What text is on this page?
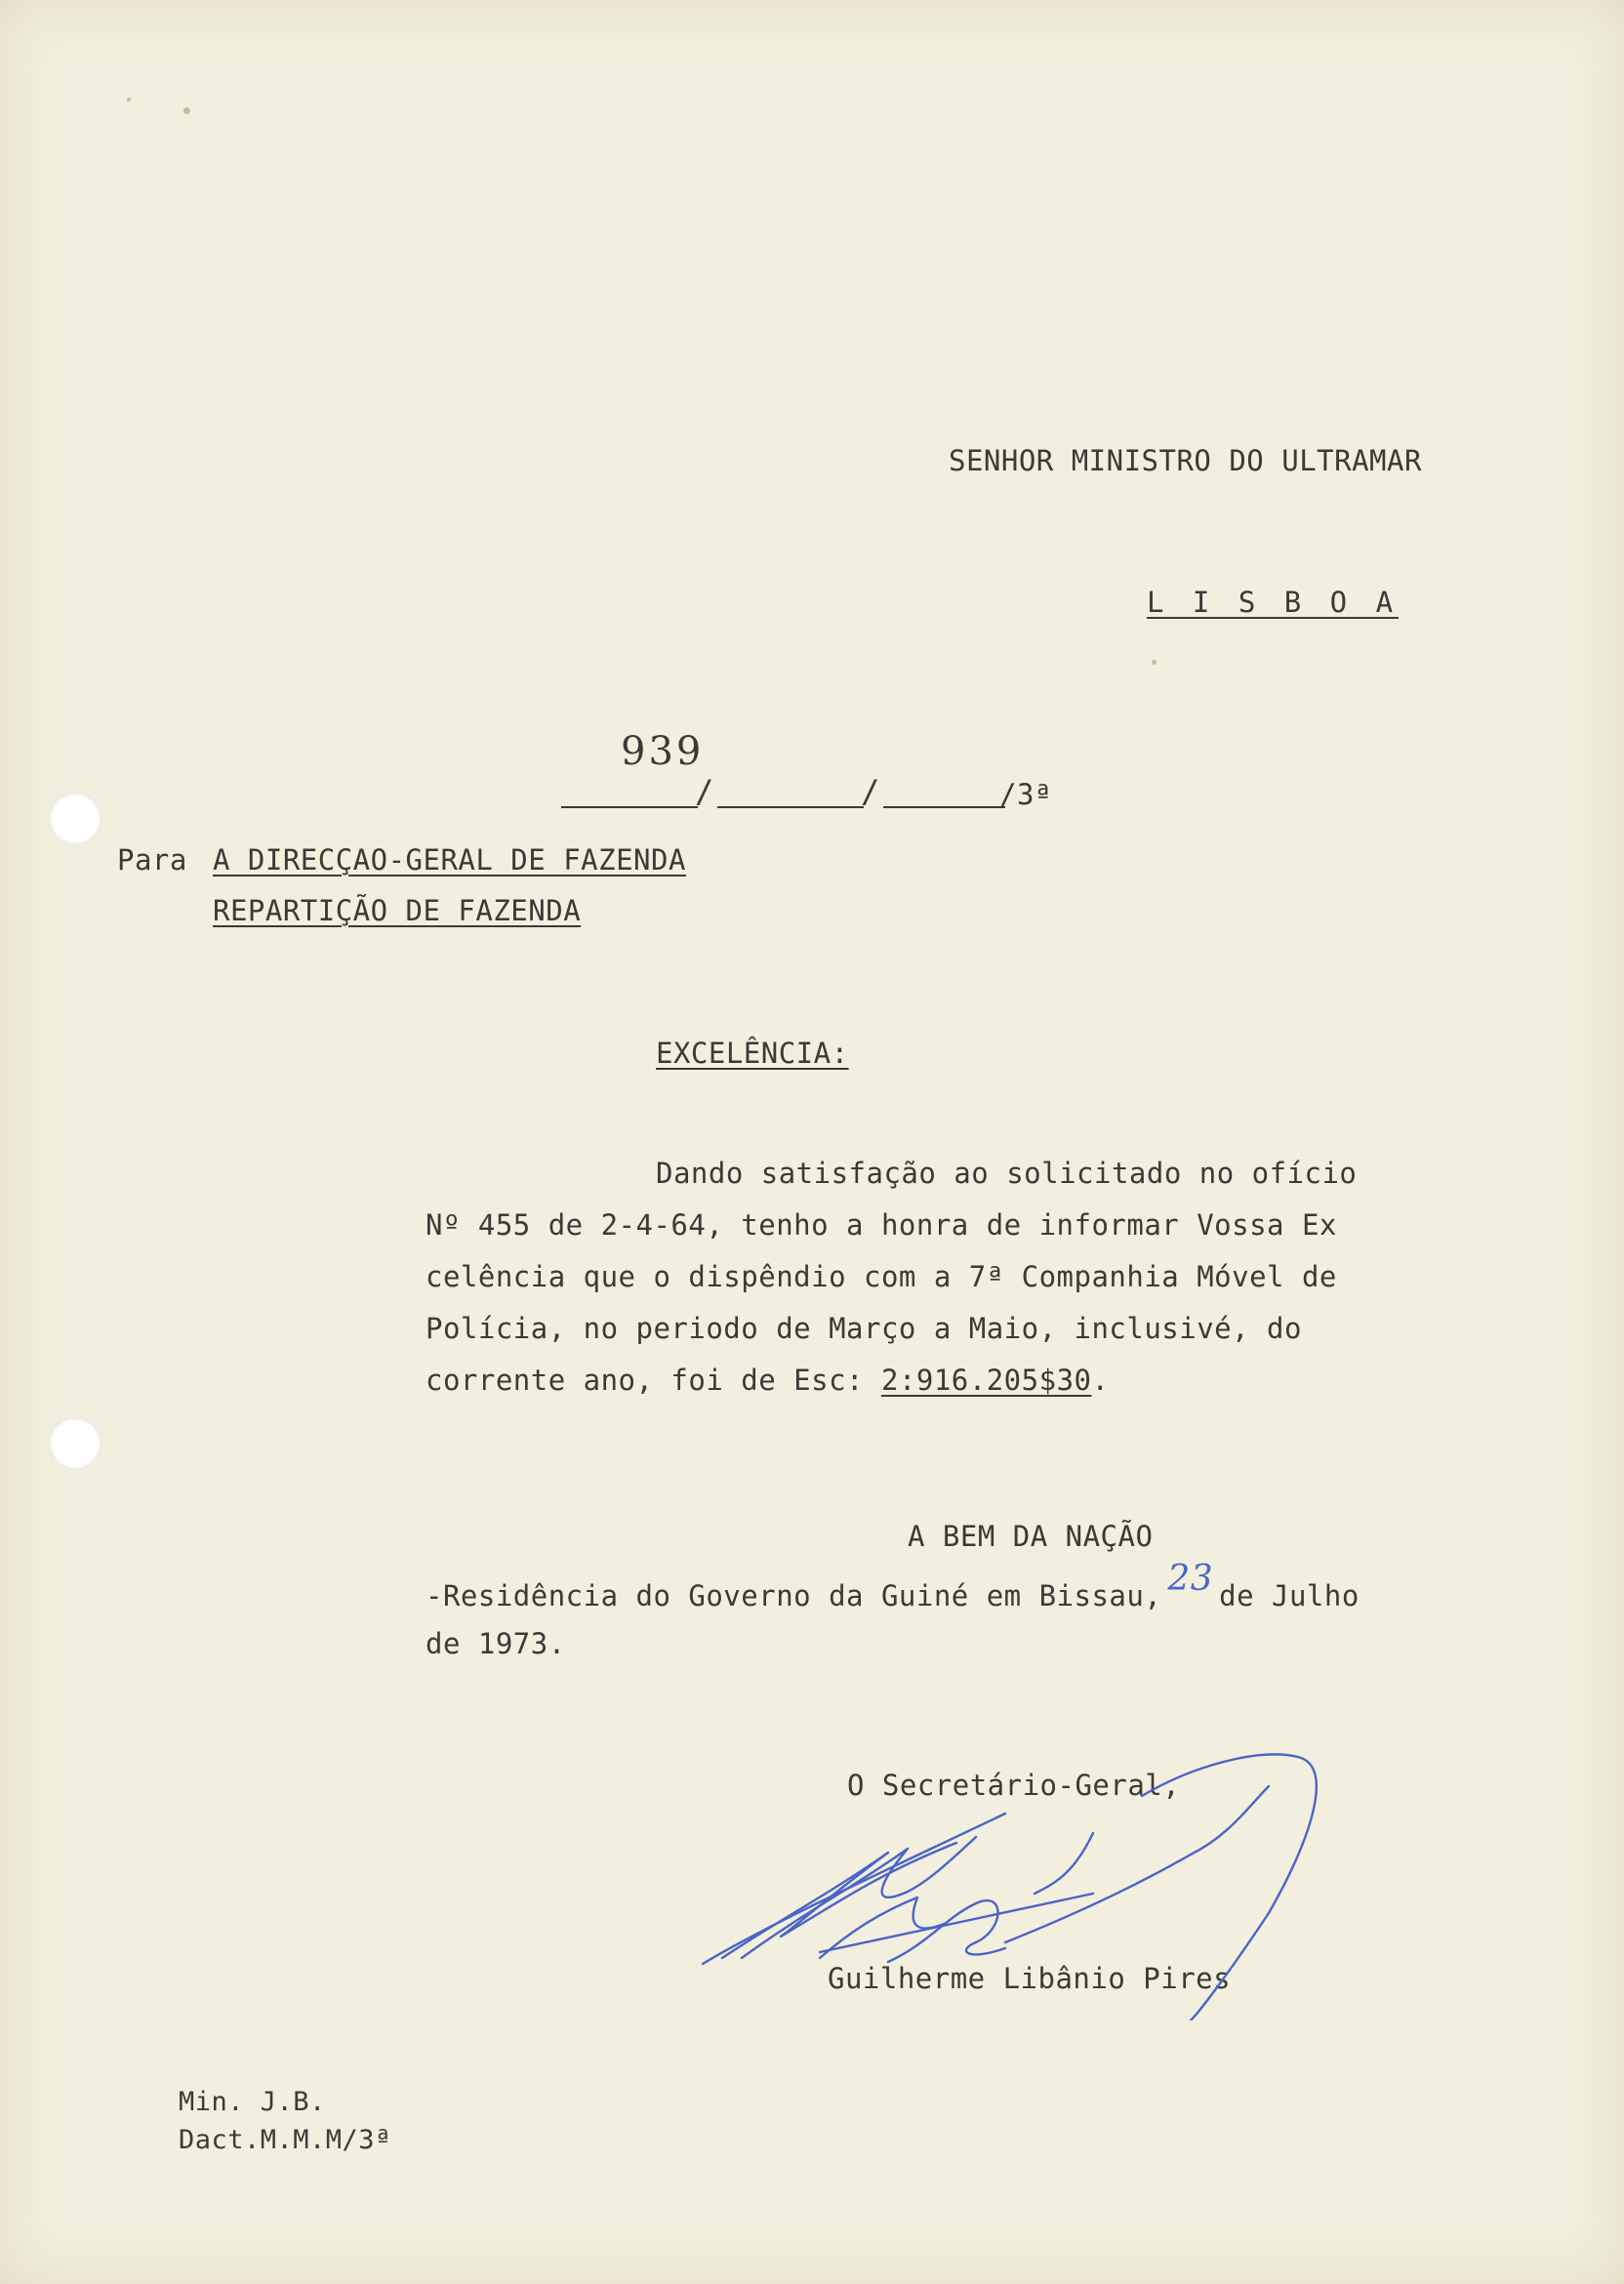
SENHOR MINISTRO DO ULTRAMAR

L I S B O A

939

/	/	/3ª

Para A DIRECÇAO-GERAL DE FAZENDA

REPARTIÇÃO DE FAZENDA

EXCELÊNCIA:

Dando satisfação ao solicitado no ofício

Nº 455 de 2-4-64, tenho a honra de informar Vossa Ex

celência que o dispêndio com a 7ª Companhia Móvel de

Polícia, no periodo de Março a Maio, inclusivé, do

corrente ano, foi de Esc: 2:916.205$30.

A BEM DA NAÇÃO

-Residência do Governo da Guiné em Bissau, 23 de Julho

de 1973.

O Secretário-Geral,

Guilherme Libânio Pires

Min. J.B.

Dact.M.M.M/3ª
